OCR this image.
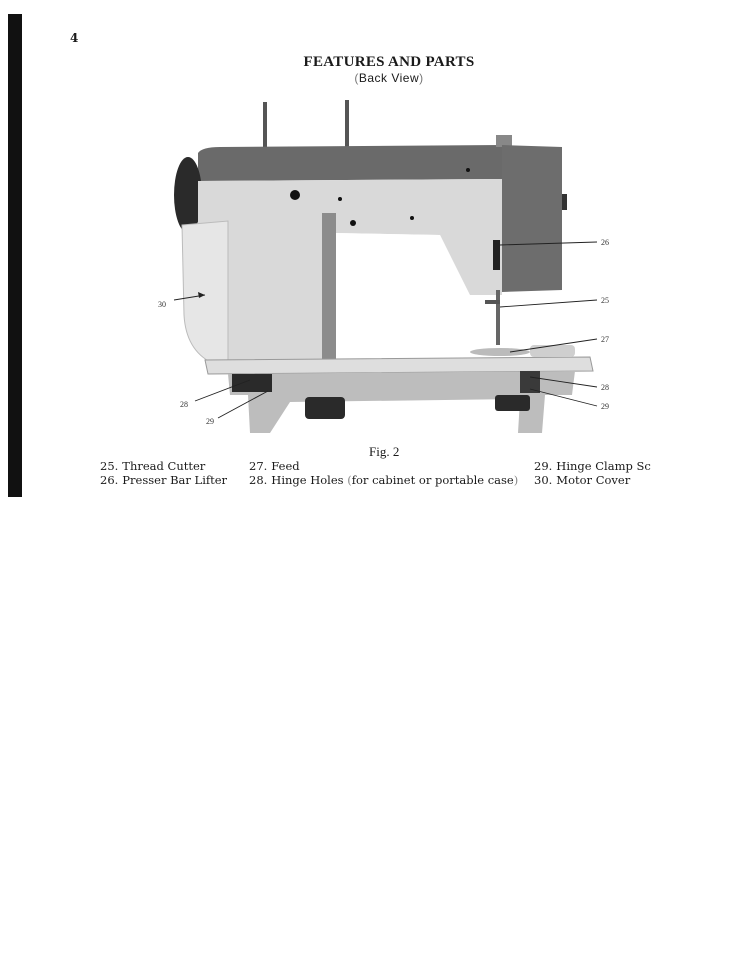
4
FEATURES AND PARTS
(Back View)
26
25
27
28
29
30
28
29
Fig. 2
25. Thread Cutter
26. Presser Bar Lifter
27. Feed
28. Hinge Holes (for cabinet or portable case)
29. Hinge Clamp Sc
30. Motor Cover
